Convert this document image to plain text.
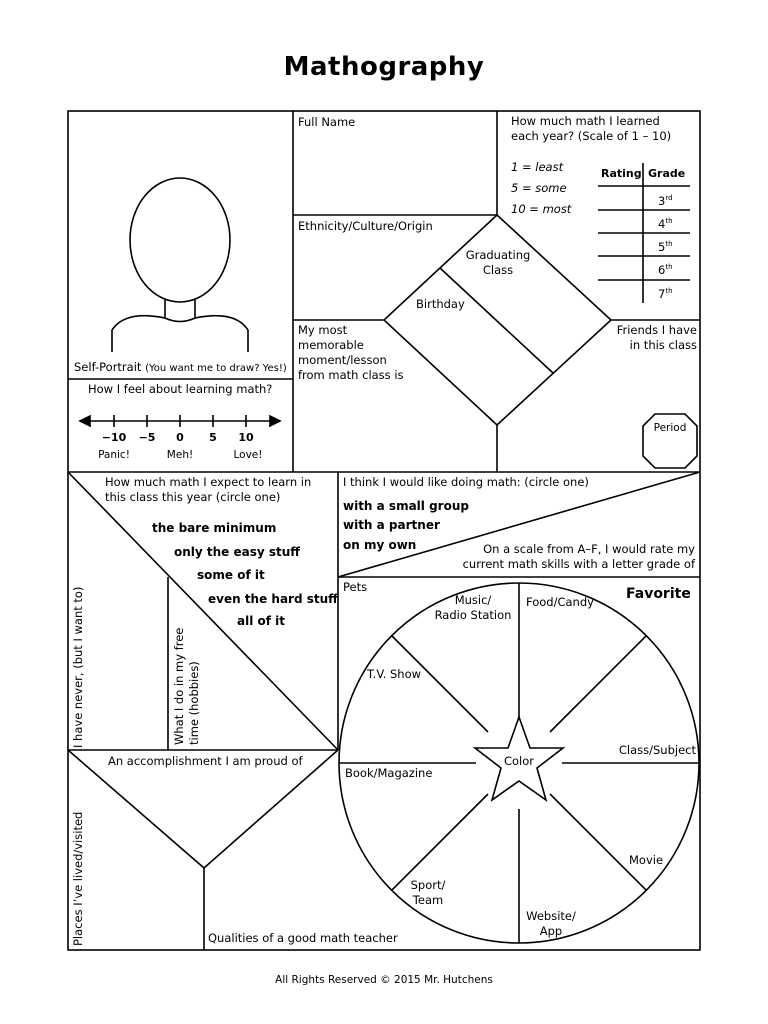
Mathography
Self-Portrait (You want me to draw? Yes!)
How I feel about learning math?
−10	−5	0	5	10
Panic!	Meh!	Love!
Full Name
Ethnicity/Culture/Origin
Graduating
Class
Birthday
My most
memorable
moment/lesson
from math class is
Friends I have
in this class
Period
How much math I learned
each year? (Scale of 1 – 10)
1 = least
5 = some
10 = most
Rating Grade
3rd
4th
5th
6th
7th
How much math I expect to learn in
this class this year (circle one)
the bare minimum
only the easy stuff
some of it
even the hard stuff
all of it
I think I would like doing math: (circle one)
with a small group
with a partner
on my own	On a scale from A–F, I would rate my
current math skills with a letter grade of
I have never, (but I want to)	What I do in my free
time (hobbies)
Places I’ve lived/visited
An accomplishment I am proud of
Qualities of a good math teacher
Pets	Favorite
Music/
Radio Station
Food/Candy
T.V. Show
Class/Subject
Color
Book/Magazine
Movie
Sport/
Team
Website/
App
All Rights Reserved © 2015 Mr. Hutchens
